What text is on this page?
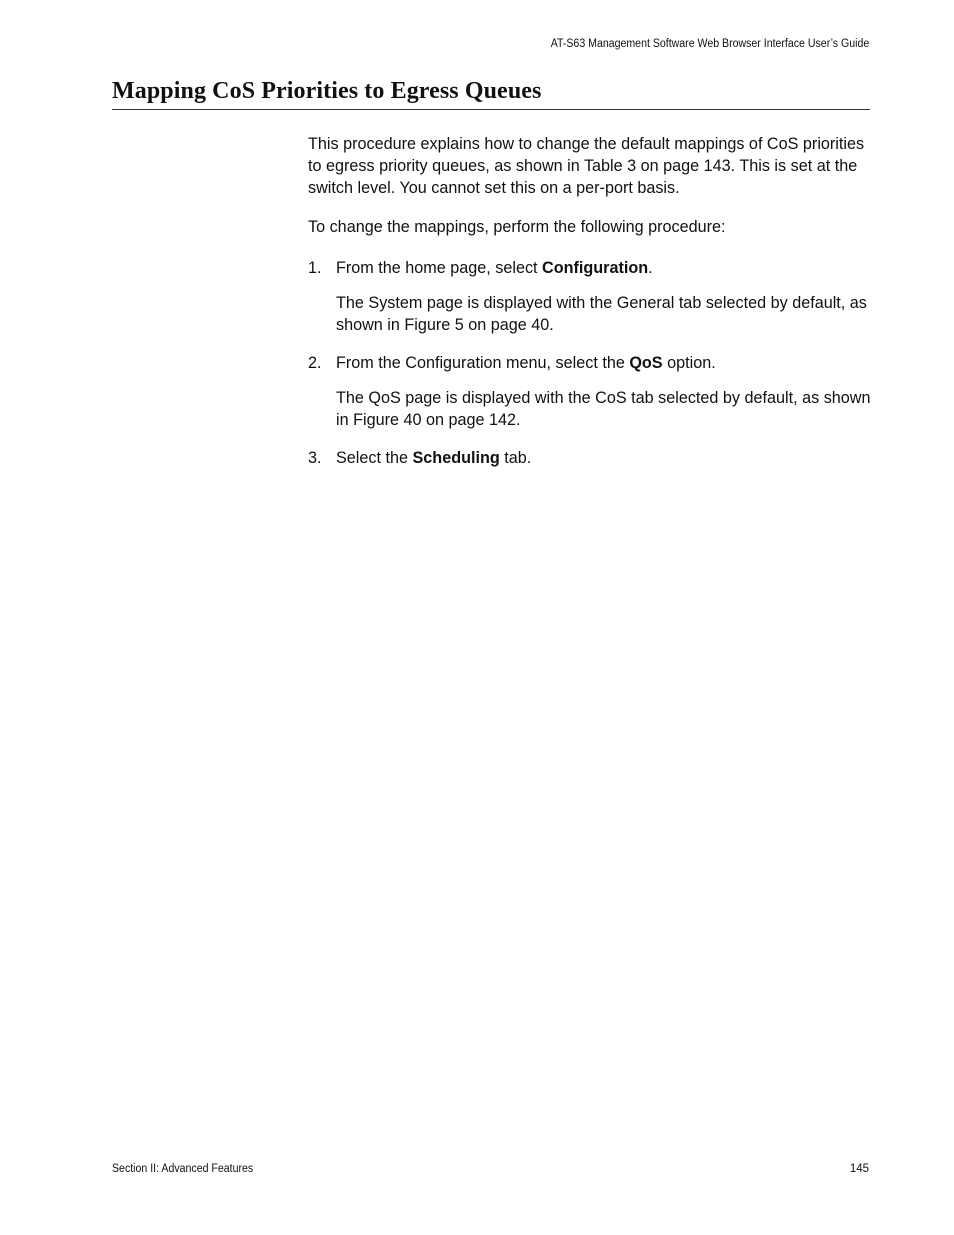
AT-S63 Management Software Web Browser Interface User’s Guide
Mapping CoS Priorities to Egress Queues

This procedure explains how to change the default mappings of CoS priorities to egress priority queues, as shown in Table 3 on page 143. This is set at the switch level. You cannot set this on a per-port basis.

To change the mappings, perform the following procedure:

1. From the home page, select Configuration.

The System page is displayed with the General tab selected by default, as shown in Figure 5 on page 40.

2. From the Configuration menu, select the QoS option.

The QoS page is displayed with the CoS tab selected by default, as shown in Figure 40 on page 142.

3. Select the Scheduling tab.
Section II: Advanced Features	145
